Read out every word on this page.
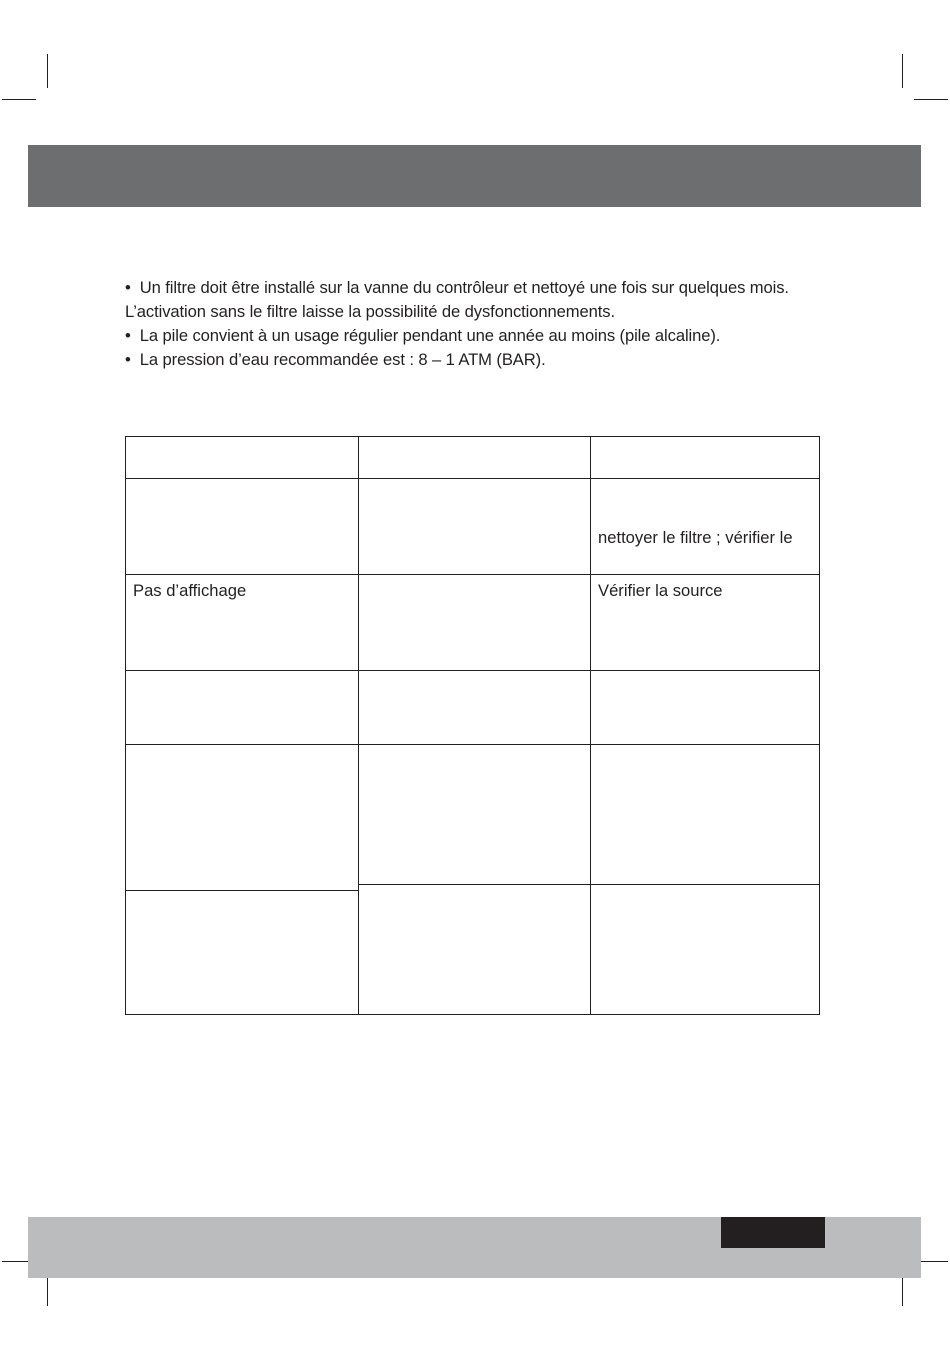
• Un filtre doit être installé sur la vanne du contrôleur et nettoyé une fois sur quelques mois. L’activation sans le filtre laisse la possibilité de dysfonctionnements.

• La pile convient à un usage régulier pendant une année au moins (pile alcaline).

• La pression d’eau recommandée est : 8 – 1 ATM (BAR).

nettoyer le filtre ; vérifier le
Pas d’affichage	Vérifier la source
